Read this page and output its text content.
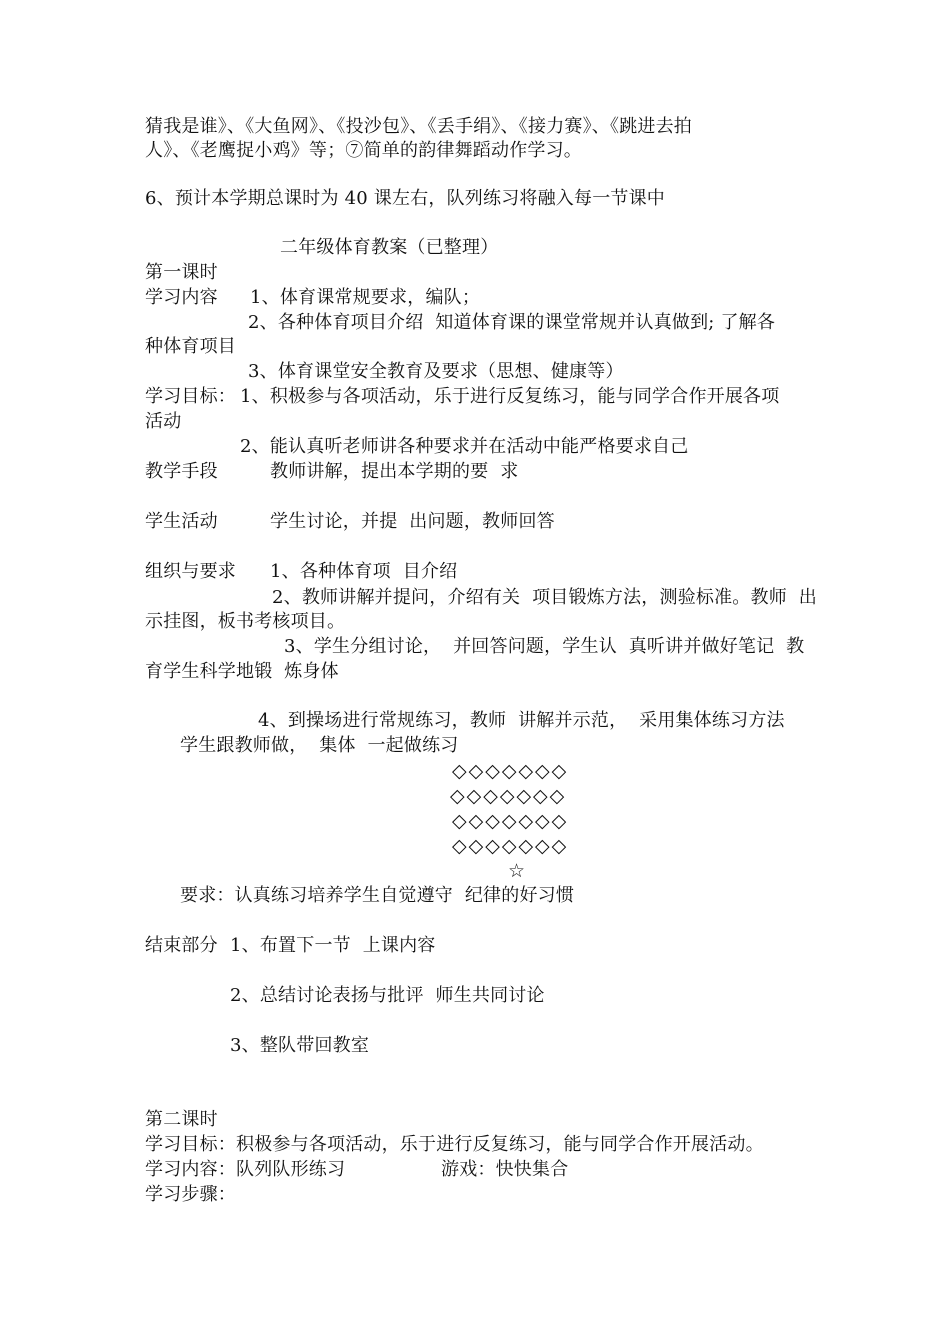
猜我是谁》、《大鱼网》、《投沙包》、《丢手绢》、《接力赛》、《跳进去拍
人》、《老鹰捉小鸡》等；⑦简单的韵律舞蹈动作学习。
6、预计本学期总课时为 40 课左右，队列练习将融入每一节课中
二年级体育教案（已整理）
第一课时
学习内容 1、体育课常规要求，编队；
2、各种体育项目介绍  知道体育课的课堂常规并认真做到; 了解各
种体育项目
3、体育课堂安全教育及要求（思想、健康等）
学习目标： 1、积极参与各项活动，乐于进行反复练习，能与同学合作开展各项
活动
2、能认真听老师讲各种要求并在活动中能严格要求自己
教学手段	教师讲解，提出本学期的要  求
学生活动	学生讨论，并提  出问题，教师回答
组织与要求 1、各种体育项  目介绍
2、教师讲解并提问，介绍有关  项目锻炼方法，测验标准。教师  出
示挂图，板书考核项目。
3、学生分组讨论，  并回答问题，学生认  真听讲并做好笔记  教
育学生科学地锻  炼身体
4、到操场进行常规练习，教师  讲解并示范，  采用集体练习方法
学生跟教师做，  集体  一起做练习
◇◇◇◇◇◇◇
◇◇◇◇◇◇◇
◇◇◇◇◇◇◇
◇◇◇◇◇◇◇
☆
要求：认真练习培养学生自觉遵守  纪律的好习惯
结束部分 1、布置下一节  上课内容
2、总结讨论表扬与批评  师生共同讨论
3、整队带回教室
第二课时
学习目标：积极参与各项活动，乐于进行反复练习，能与同学合作开展活动。
学习内容：队列队形练习	游戏：快快集合
学习步骤：
